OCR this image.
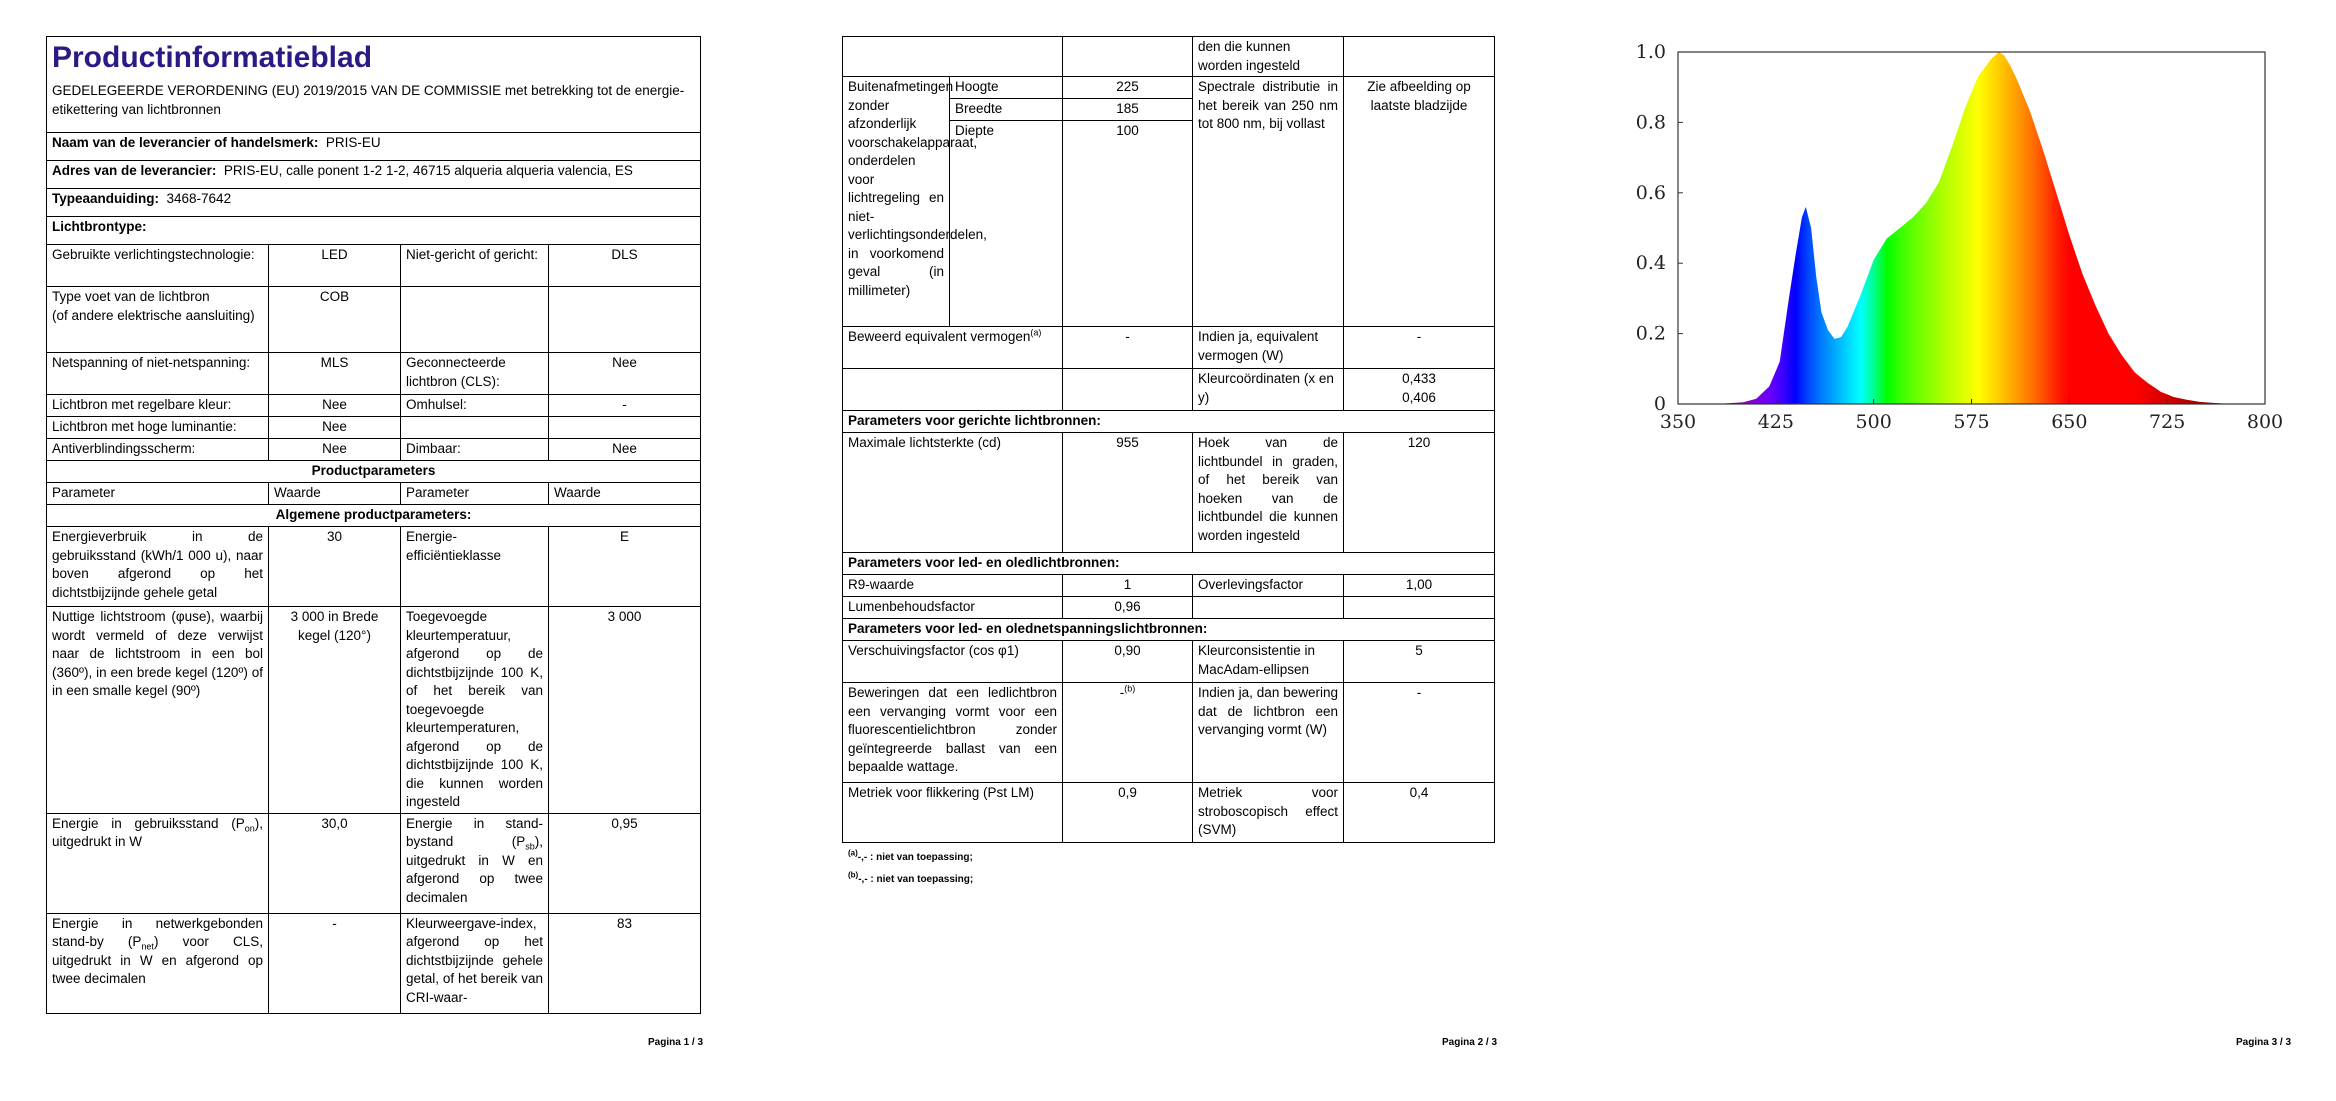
Productinformatieblad
GEDELEGEERDE VERORDENING (EU) 2019/2015 VAN DE COMMISSIE met betrekking tot de energie-etikettering van lichtbronnen			

Naam van de leverancier of handelsmerk: PRIS-EU			
Adres van de leverancier: PRIS-EU, calle ponent 1-2 1-2, 46715 alqueria alqueria valencia, ES			
Typeaanduiding: 3468-7642			
Lichtbrontype:			
Gebruikte verlichtingstechnologie:	LED	Niet-gericht of gericht:	DLS

Type voet van de lichtbron
(of andere elektrische aansluiting)	COB		
Netspanning of niet-netspanning:	MLS	Geconnecteerde lichtbron (CLS):	Nee
Lichtbron met regelbare kleur:	Nee	Omhulsel:	-
Lichtbron met hoge luminantie:	Nee		
Antiverblindingsscherm:	Nee	Dimbaar:	Nee
Productparameters			
Parameter	Waarde	Parameter	Waarde
Algemene productparameters:			
Energieverbruik in de gebruiksstand (kWh/1 000 u), naar boven afgerond op het dichtstbijzijnde gehele getal	30	Energie-efficiëntieklasse	E
Nuttige lichtstroom (φuse), waarbij wordt vermeld of deze verwijst naar de lichtstroom in een bol (360º), in een brede kegel (120º) of in een smalle kegel (90º)	3 000 in Brede kegel (120°)	Toegevoegde kleurtemperatuur, afgerond op de dichtstbijzijnde 100 K, of het bereik van toegevoegde kleurtemperaturen, afgerond op de dichtstbijzijnde 100 K, die kunnen worden ingesteld	3 000
Energie in gebruiksstand $(P_{on})$, uitgedrukt in W	30,0	Energie in stand-bystand $(P_{sb})$, uitgedrukt in W en afgerond op twee decimalen	0,95
Energie in netwerkgebonden stand-by $(P_{net})$ voor CLS, uitgedrukt in W en afgerond op twee decimalen	-	Kleurweergave-index, afgerond op het dichtstbijzijnde gehele getal, of het bereik van CRI-waar-	83
Pagina 1 / 3
			den die kunnen worden ingesteld	
Buitenafmetingen zonder afzonderlijk voorschakelapparaat, onderdelen voor lichtregeling en niet-verlichtingsonderdelen, in voorkomend geval (in millimeter)	Hoogte	225	Spectrale distributie in het bereik van 250 nm tot 800 nm, bij vollast	Zie afbeelding op laatste bladzijde
	Breedte	185		
	Diepte	100		
Beweerd equivalent vermogen$^{(a)}$		-	Indien ja, equivalent vermogen (W)	-
			Kleurcoördinaten (x en y)	0,433
0,406

Parameters voor gerichte lichtbronnen:				
Maximale lichtsterkte (cd)		955	Hoek van de lichtbundel in graden, of het bereik van hoeken van de lichtbundel die kunnen worden ingesteld	120
Parameters voor led- en oledlichtbronnen:				
R9-waarde		1	Overlevingsfactor	1,00
Lumenbehoudsfactor		0,96		
Parameters voor led- en olednetspanningslichtbronnen:				
Verschuivingsfactor (cos φ1)		0,90	Kleurconsistentie in MacAdam-ellipsen	5
Beweringen dat een ledlichtbron een vervanging vormt voor een fluorescentielichtbron zonder geïntegreerde ballast van een bepaalde wattage.		-$^{(b)}$	Indien ja, dan bewering dat de lichtbron een vervanging vormt (W)	-
Metriek voor flikkering (Pst LM)		0,9	Metriek voor stroboscopisch effect (SVM)	0,4
$^{(a)}$-,- : niet van toepassing;
$^{(b)}$-,- : niet van toepassing;
Pagina 2 / 3
350	425	500	575	650	725	800
0
0.2
0.4
0.6
0.8
1.0
Pagina 3 / 3
